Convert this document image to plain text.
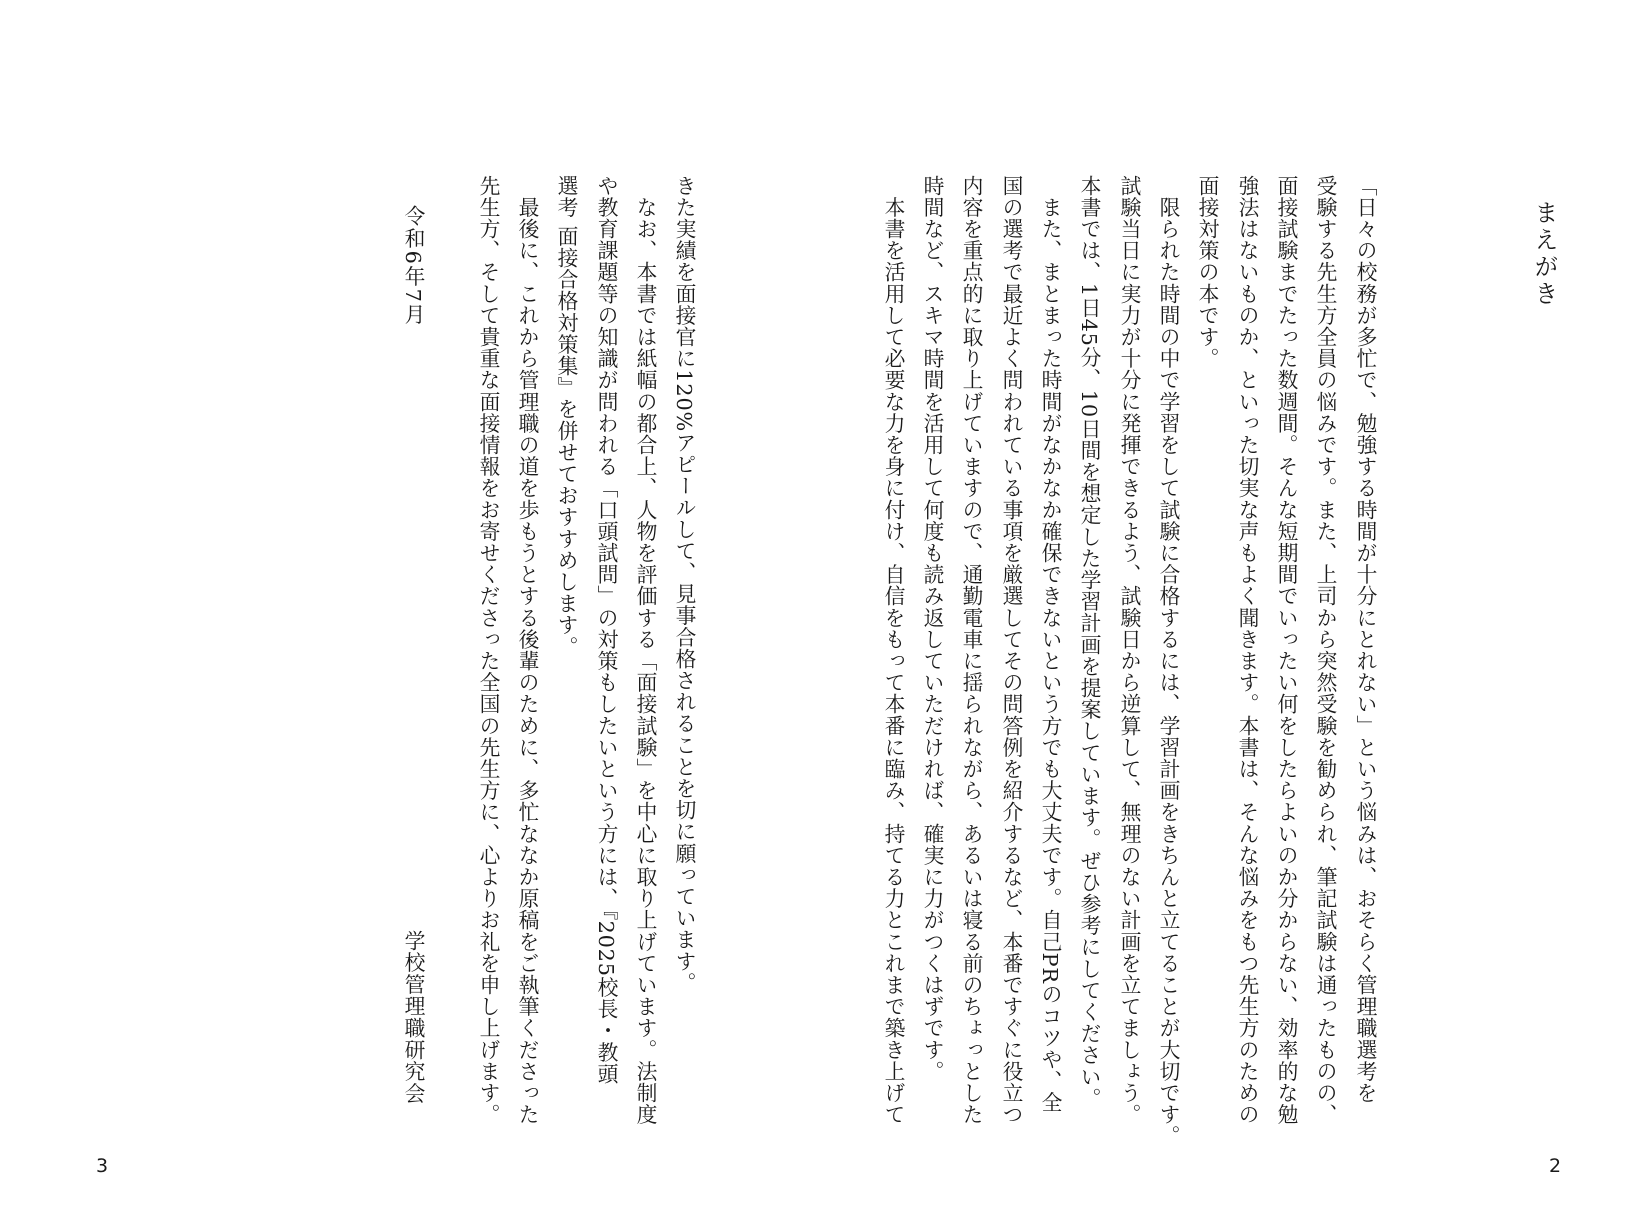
まえがき
「日々の校務が多忙で、勉強する時間が十分にとれない」という悩みは、おそらく管理職選考を
受験する先生方全員の悩みです。また、上司から突然受験を勧められ、筆記試験は通ったものの、
面接試験までたった数週間。そんな短期間でいったい何をしたらよいのか分からない、効率的な勉
強法はないものか、といった切実な声もよく聞きます。本書は、そんな悩みをもつ先生方のための
面接対策の本です。
　限られた時間の中で学習をして試験に合格するには、学習計画をきちんと立てることが大切です。
試験当日に実力が十分に発揮できるよう、試験日から逆算して、無理のない計画を立てましょう。
本書では、1日45分、10日間を想定した学習計画を提案しています。ぜひ参考にしてください。
　また、まとまった時間がなかなか確保できないという方でも大丈夫です。自己PRのコツや、全
国の選考で最近よく問われている事項を厳選してその問答例を紹介するなど、本番ですぐに役立つ
内容を重点的に取り上げていますので、通勤電車に揺られながら、あるいは寝る前のちょっとした
時間など、スキマ時間を活用して何度も読み返していただければ、確実に力がつくはずです。
　本書を活用して必要な力を身に付け、自信をもって本番に臨み、持てる力とこれまで築き上げて
2
きた実績を面接官に120%アピールして、見事合格されることを切に願っています。
　なお、本書では紙幅の都合上、人物を評価する「面接試験」を中心に取り上げています。法制度
や教育課題等の知識が問われる「口頭試問」の対策もしたいという方には、『2025校長・教頭
選考 面接合格対策集』を併せておすすめします。
　最後に、これから管理職の道を歩もうとする後輩のために、多忙ななか原稿をご執筆くださった
先生方、そして貴重な面接情報をお寄せくださった全国の先生方に、心よりお礼を申し上げます。
令和6年7月
学校管理職研究会
3
